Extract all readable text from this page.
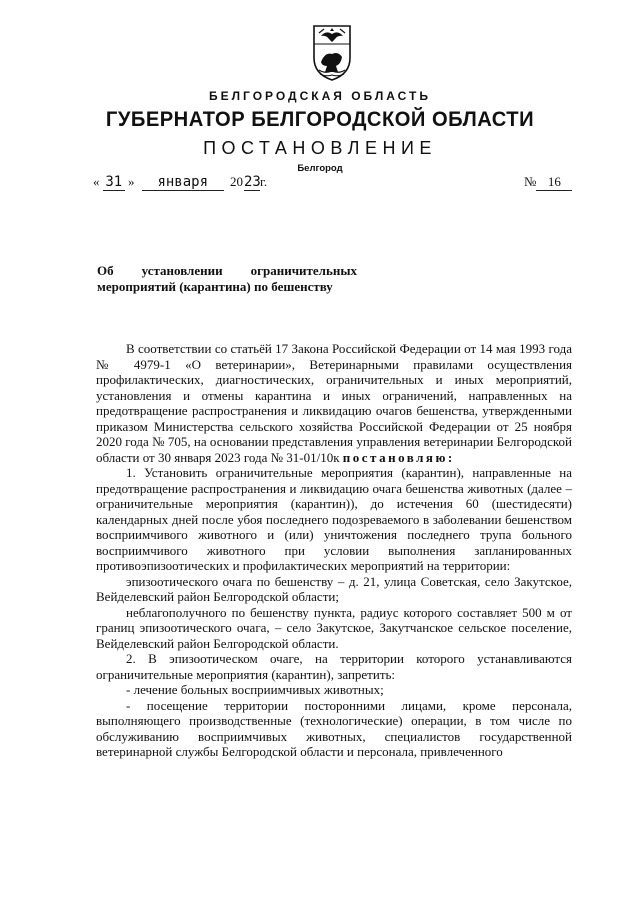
БЕЛГОРОДСКАЯ ОБЛАСТЬ
ГУБЕРНАТОР БЕЛГОРОДСКОЙ ОБЛАСТИ
ПОСТАНОВЛЕНИЕ
Белгород
« 31 » января 2023г.	№ 16
Об установлении ограничительных
мероприятий (карантина) по бешенству

В соответствии со статьёй 17 Закона Российской Федерации от 14 мая 1993 года № 4979-1 «О ветеринарии», Ветеринарными правилами осуществления профилактических, диагностических, ограничительных и иных мероприятий, установления и отмены карантина и иных ограничений, направленных на предотвращение распространения и ликвидацию очагов бешенства, утвержденными приказом Министерства сельского хозяйства Российской Федерации от 25 ноября 2020 года № 705, на основании представления управления ветеринарии Белгородской области от 30 января 2023 года № 31-01/10к постановляю:

1. Установить ограничительные мероприятия (карантин), направленные на предотвращение распространения и ликвидацию очага бешенства животных (далее – ограничительные мероприятия (карантин)), до истечения 60 (шестидесяти) календарных дней после убоя последнего подозреваемого в заболевании бешенством восприимчивого животного и (или) уничтожения последнего трупа больного восприимчивого животного при условии выполнения запланированных противоэпизоотических и профилактических мероприятий на территории:

эпизоотического очага по бешенству – д. 21, улица Советская, село Закутское, Вейделевский район Белгородской области;

неблагополучного по бешенству пункта, радиус которого составляет 500 м от границ эпизоотического очага, – село Закутское, Закутчанское сельское поселение, Вейделевский район Белгородской области.

2. В эпизоотическом очаге, на территории которого устанавливаются ограничительные мероприятия (карантин), запретить:

- лечение больных восприимчивых животных;

- посещение территории посторонними лицами, кроме персонала, выполняющего производственные (технологические) операции, в том числе по обслуживанию восприимчивых животных, специалистов государственной ветеринарной службы Белгородской области и персонала, привлеченного
